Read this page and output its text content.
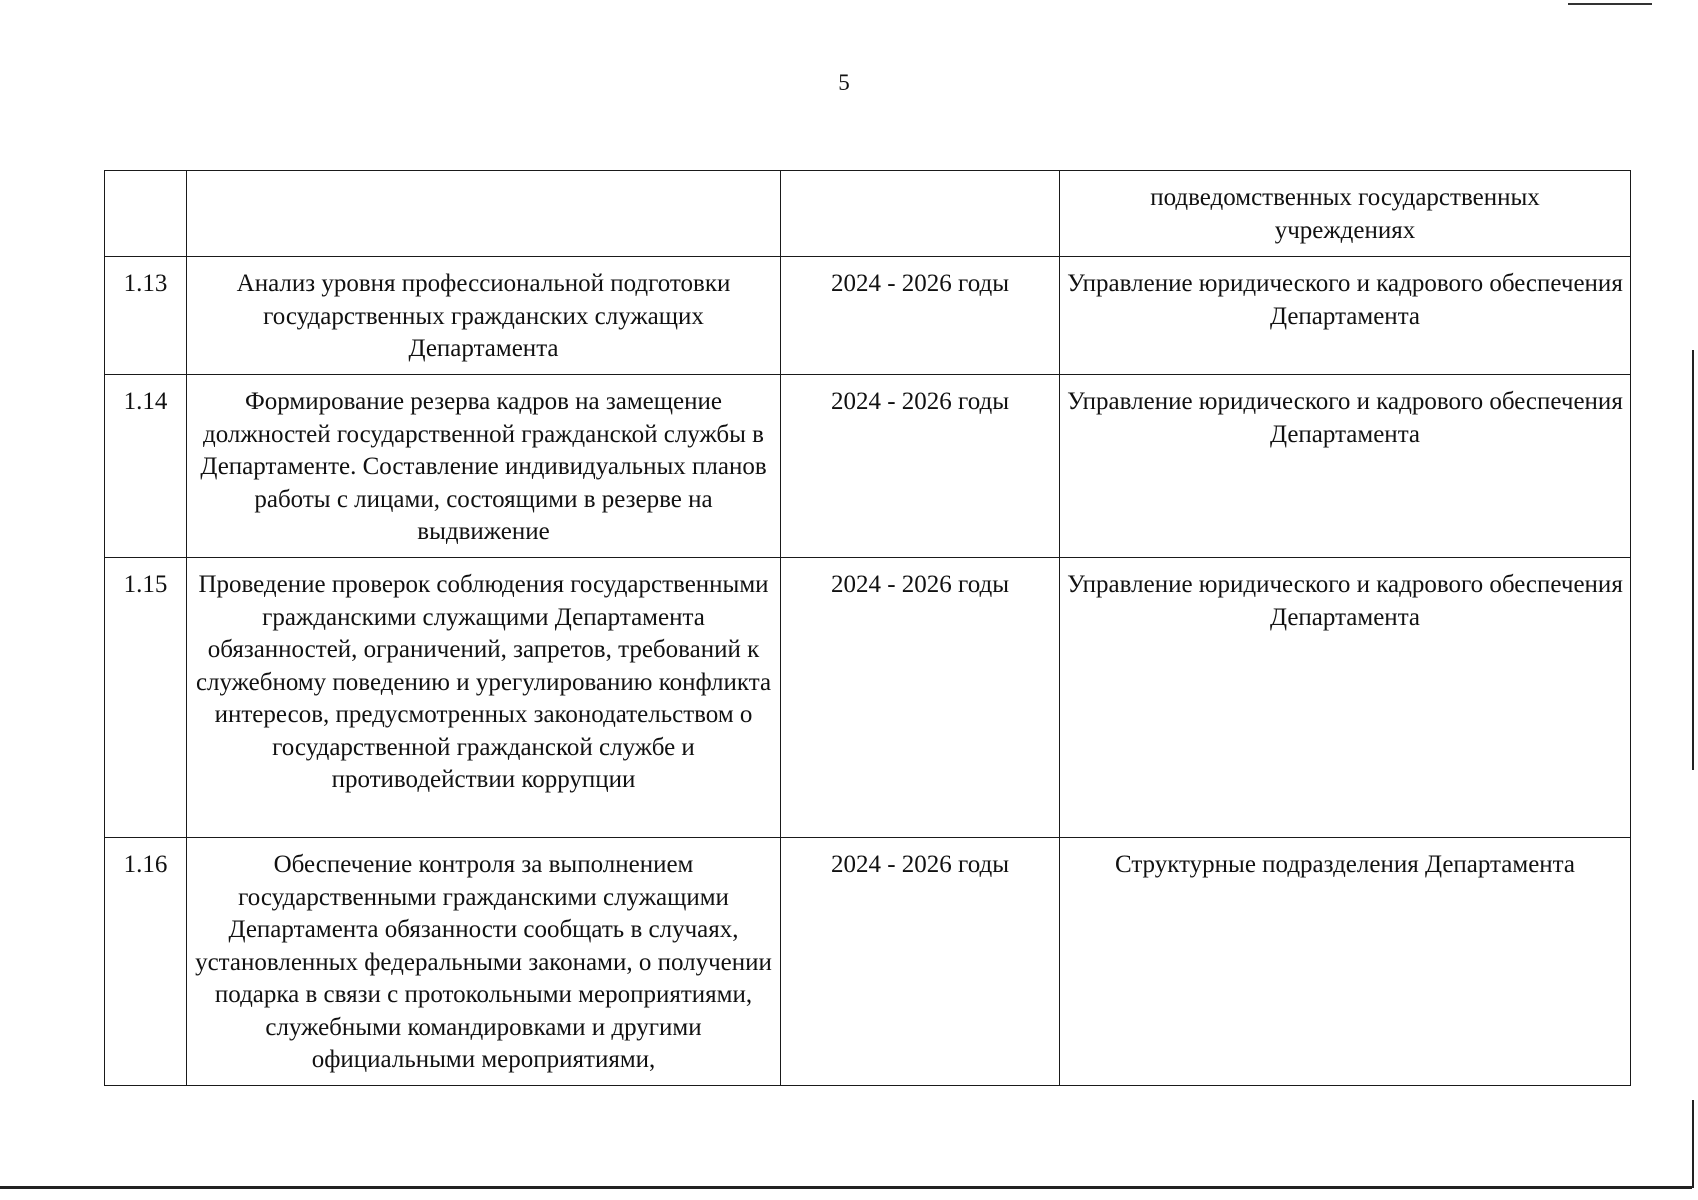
5
			подведомственных государственных учреждениях
1.13	Анализ уровня профессиональной подготовки государственных гражданских служащих Департамента	2024 - 2026 годы	Управление юридического и кадрового обеспечения Департамента
1.14	Формирование резерва кадров на замещение должностей государственной гражданской службы в Департаменте. Составление индивидуальных планов работы с лицами, состоящими в резерве на выдвижение	2024 - 2026 годы	Управление юридического и кадрового обеспечения Департамента
1.15	Проведение проверок соблюдения государственными гражданскими служащими Департамента обязанностей, ограничений, запретов, требований к служебному поведению и урегулированию конфликта интересов, предусмотренных законодательством о государственной гражданской службе и противодействии коррупции	2024 - 2026 годы	Управление юридического и кадрового обеспечения Департамента
1.16	Обеспечение контроля за выполнением государственными гражданскими служащими Департамента обязанности сообщать в случаях, установленных федеральными законами, о получении подарка в связи с протокольными мероприятиями, служебными командировками и другими официальными мероприятиями,	2024 - 2026 годы	Структурные подразделения Департамента
